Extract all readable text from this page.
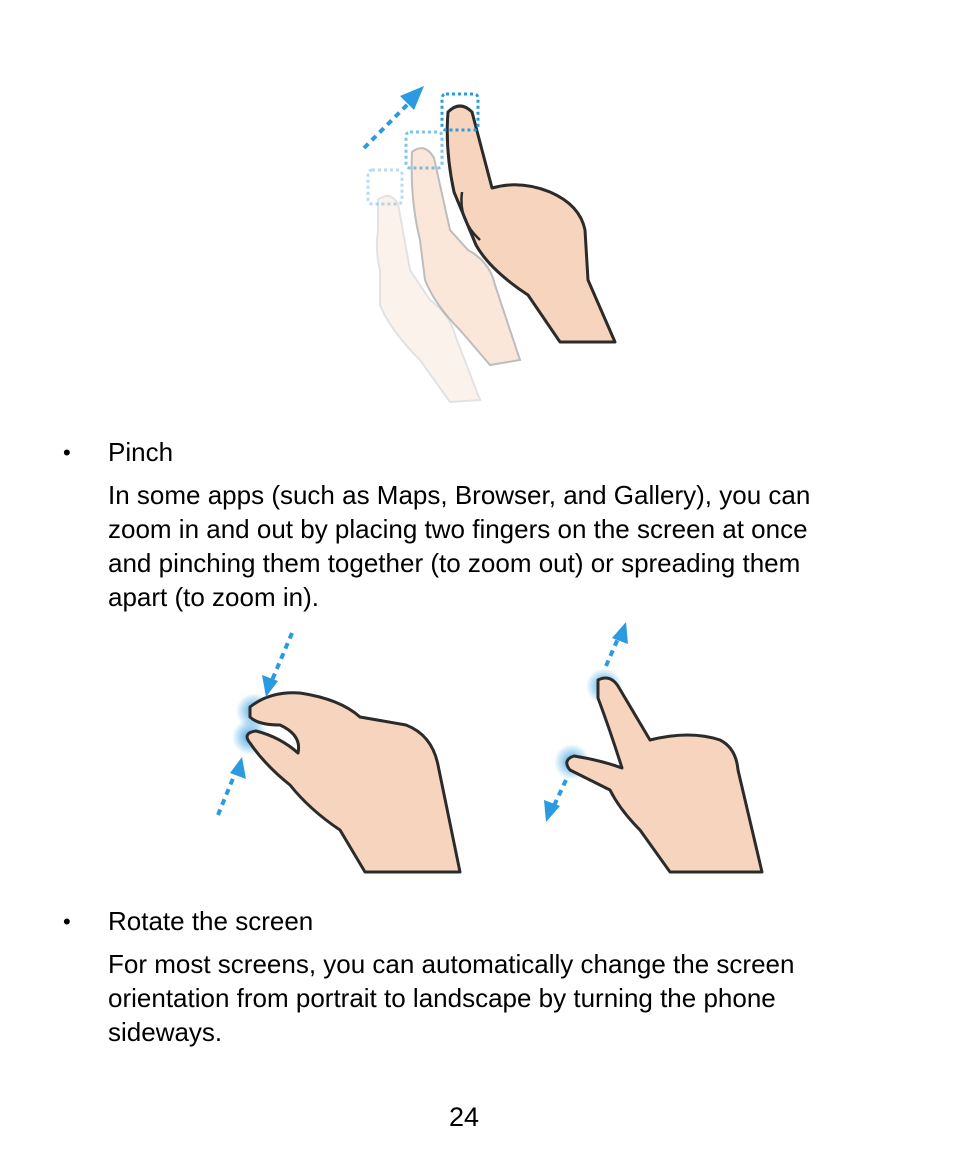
• Pinch
In some apps (such as Maps, Browser, and Gallery), you can
zoom in and out by placing two fingers on the screen at once
and pinching them together (to zoom out) or spreading them
apart (to zoom in).
• Rotate the screen
For most screens, you can automatically change the screen
orientation from portrait to landscape by turning the phone
sideways.
24
